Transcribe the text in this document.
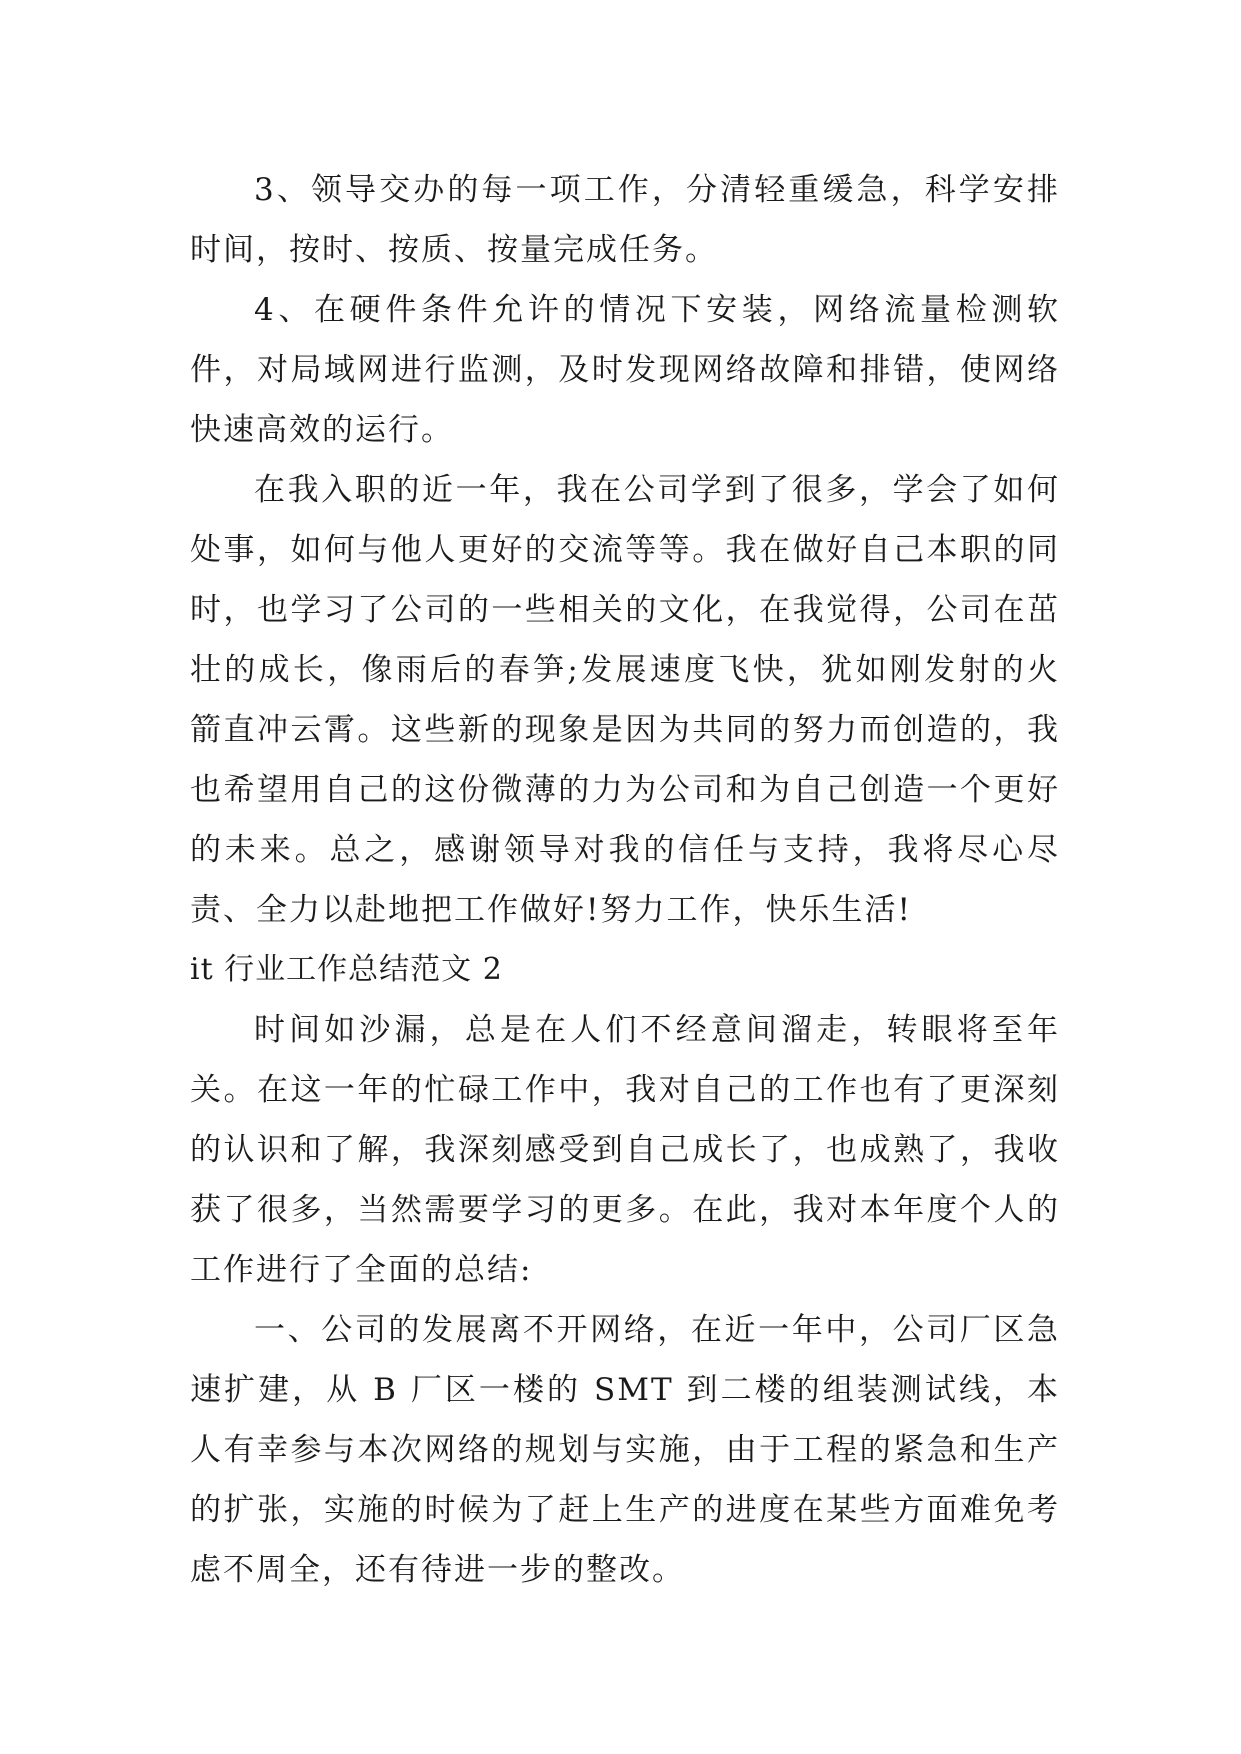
3、领导交办的每一项工作，分清轻重缓急，科学安排时间，按时、按质、按量完成任务。

4、在硬件条件允许的情况下安装，网络流量检测软件，对局域网进行监测，及时发现网络故障和排错，使网络快速高效的运行。

在我入职的近一年，我在公司学到了很多，学会了如何处事，如何与他人更好的交流等等。我在做好自己本职的同时，也学习了公司的一些相关的文化，在我觉得，公司在茁壮的成长，像雨后的春笋;发展速度飞快，犹如刚发射的火箭直冲云霄。这些新的现象是因为共同的努力而创造的，我也希望用自己的这份微薄的力为公司和为自己创造一个更好的未来。总之，感谢领导对我的信任与支持，我将尽心尽责、全力以赴地把工作做好!努力工作，快乐生活!

it 行业工作总结范文 2

时间如沙漏，总是在人们不经意间溜走，转眼将至年关。在这一年的忙碌工作中，我对自己的工作也有了更深刻的认识和了解，我深刻感受到自己成长了，也成熟了，我收获了很多，当然需要学习的更多。在此，我对本年度个人的工作进行了全面的总结:

一、公司的发展离不开网络，在近一年中，公司厂区急速扩建，从 B 厂区一楼的 SMT 到二楼的组装测试线，本人有幸参与本次网络的规划与实施，由于工程的紧急和生产的扩张，实施的时候为了赶上生产的进度在某些方面难免考虑不周全，还有待进一步的整改。
